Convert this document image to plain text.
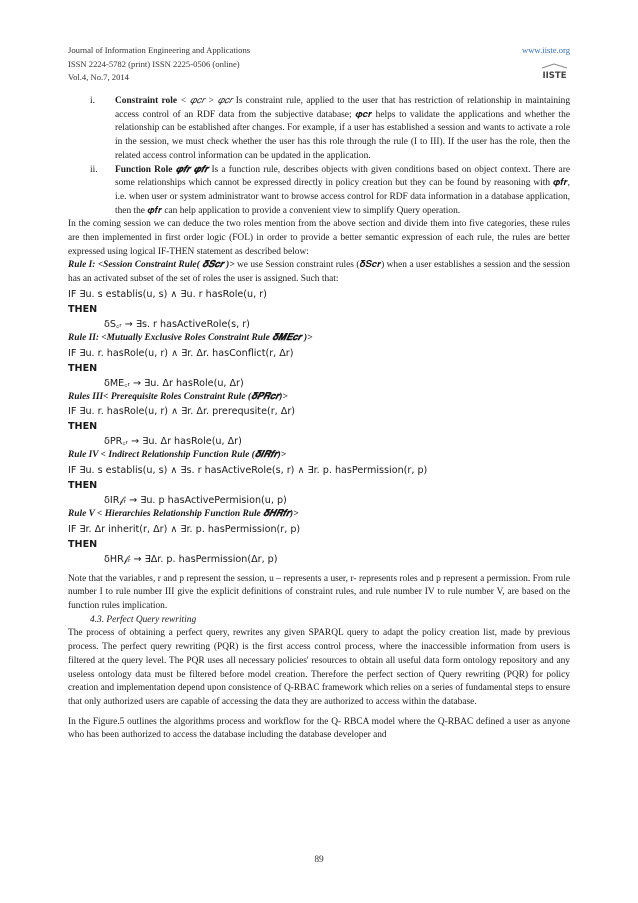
Journal of Information Engineering and Applications
ISSN 2224-5782 (print) ISSN 2225-0506 (online)
Vol.4, No.7, 2014
www.iiste.org
IISTE
i. Constraint role < 𝜑𝑐𝑟 > 𝜑𝑐𝑟 Is constraint rule, applied to the user that has restriction of relationship in maintaining access control of an RDF data from the subjective database; 𝝋𝒄𝒓 helps to validate the applications and whether the relationship can be established after changes. For example, if a user has established a session and wants to activate a role in the session, we must check whether the user has this role through the rule (I to III). If the user has the role, then the related access control information can be updated in the application.
ii. Function Role 𝝋𝒇𝒓 𝝋𝒇𝒓 Is a function rule, describes objects with given conditions based on object context. There are some relationships which cannot be expressed directly in policy creation but they can be found by reasoning with 𝝋𝒇𝒓, i.e. when user or system administrator want to browse access control for RDF data information in a database application, then the 𝝋𝒇𝒓 can help application to provide a convenient view to simplify Query operation.

In the coming session we can deduce the two roles mention from the above section and divide them into five categories, these rules are then implemented in first order logic (FOL) in order to provide a better semantic expression of each rule, the rules are better expressed using logical IF-THEN statement as described below:

Rule I: <Session Constraint Rule( 𝜹𝑺𝒄𝒓 )> we use Session constraint rules (𝜹𝑺𝒄𝒓) when a user establishes a session and the session has an activated subset of the set of roles the user is assigned. Such that:

IF ∃u. s establis(u, s) ∧ ∃u. r hasRole(u, r)
THEN
δS꜀ᵣ → ∃s. r hasActiveRole(s, r)
Rule II: <Mutually Exclusive Roles Constraint Rule 𝜹𝑴𝑬𝒄𝒓 )>
IF ∃u. r. hasRole(u, r) ∧ ∃r. Δr. hasConflict(r, Δr)
THEN
δME꜀ᵣ → ∃u. Δr hasRole(u, Δr)
Rules III< Prerequisite Roles Constraint Rule (𝜹𝑷𝑹𝒄𝒓)>
IF ∃u. r. hasRole(u, r) ∧ ∃r. Δr. prerequsite(r, Δr)
THEN
δPR꜀ᵣ → ∃u. Δr hasRole(u, Δr)
Rule IV < Indirect Relationship Function Rule (𝜹𝑰𝑹𝒇𝒓)>
IF ∃u. s establis(u, s) ∧ ∃s. r hasActiveRole(s, r) ∧ ∃r. p. hasPermission(r, p)
THEN
δIR𝒻ᵣ → ∃u. p hasActivePermision(u, p)
Rule V < Hierarchies Relationship Function Rule 𝜹𝑯𝑹𝒇𝒓)>
IF ∃r. Δr inherit(r, Δr) ∧ ∃r. p. hasPermission(r, p)
THEN
δHR𝒻ᵣ → ∃Δr. p. hasPermission(Δr, p)

Note that the variables, r and p represent the session, u – represents a user, r- represents roles and p represent a permission. From rule number I to rule number III give the explicit definitions of constraint rules, and rule number IV to rule number V, are based on the function rules implication.

4.3. Perfect Query rewriting

The process of obtaining a perfect query, rewrites any given SPARQL query to adapt the policy creation list, made by previous process. The perfect query rewriting (PQR) is the first access control process, where the inaccessible information from users is filtered at the query level. The PQR uses all necessary policies' resources to obtain all useful data form ontology repository and any useless ontology data must be filtered before model creation. Therefore the perfect section of Query rewriting (PQR) for policy creation and implementation depend upon consistence of Q-RBAC framework which relies on a series of fundamental steps to ensure that only authorized users are capable of accessing the data they are authorized to access within the database.

In the Figure.5 outlines the algorithms process and workflow for the Q- RBCA model where the Q-RBAC defined a user as anyone who has been authorized to access the database including the database developer and

89
